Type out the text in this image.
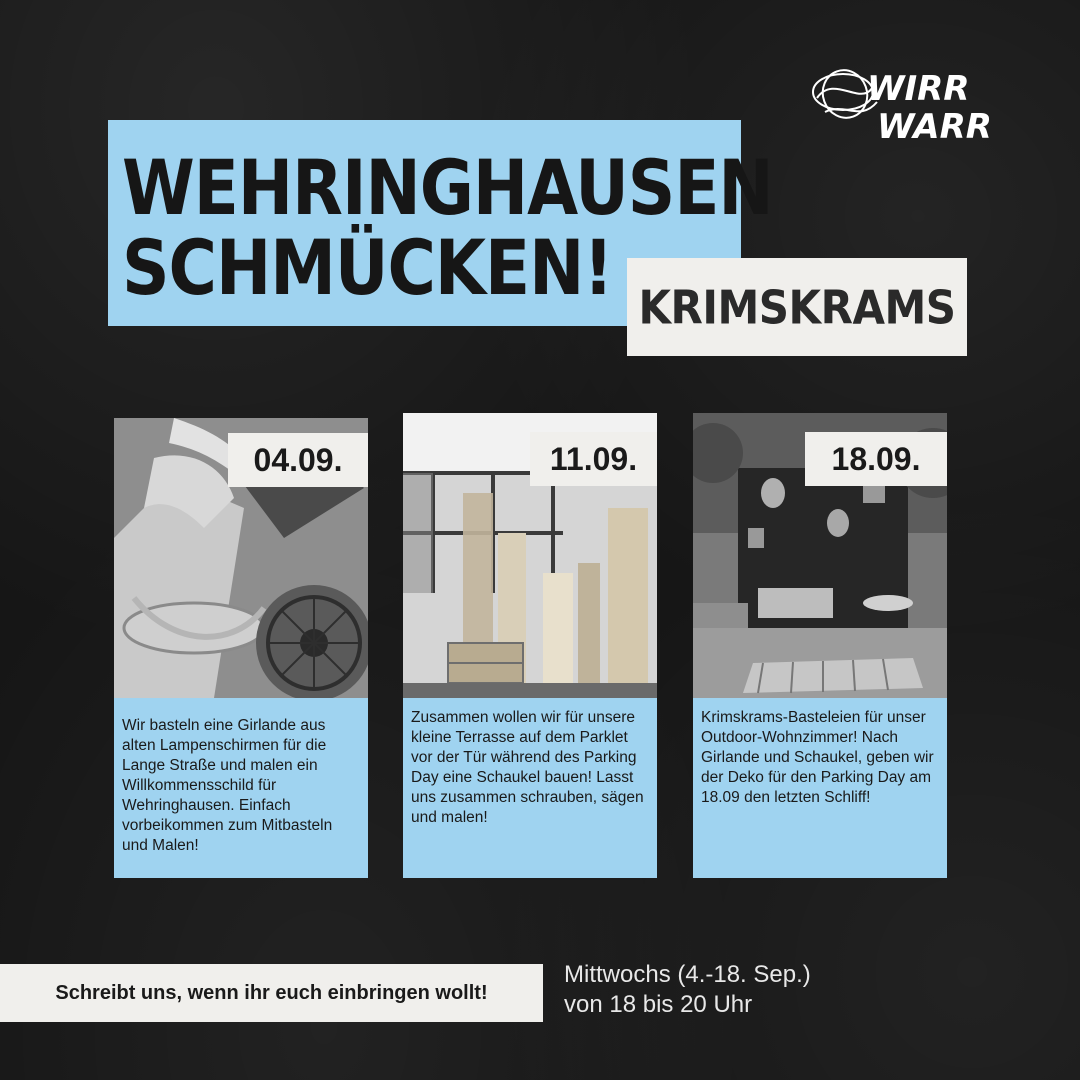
WIRR
WARR
WEHRINGHAUSEN
SCHMÜCKEN! KRIMSKRAMS
04.09.

Wir basteln eine Girlande aus alten Lampenschirmen für die Lange Straße und malen ein Willkommensschild für Wehringhausen. Einfach vorbeikommen zum Mitbasteln und Malen!

11.09.

Zusammen wollen wir für unsere kleine Terrasse auf dem Parklet vor der Tür während des Parking Day eine Schaukel bauen! Lasst uns zusammen schrauben, sägen und malen!

18.09.

Krimskrams-Basteleien für unser Outdoor-Wohnzimmer! Nach Girlande und Schaukel, geben wir der Deko für den Parking Day am 18.09 den letzten Schliff!

Schreibt uns, wenn ihr euch einbringen wollt!
Mittwochs (4.-18. Sep.)
von 18 bis 20 Uhr
